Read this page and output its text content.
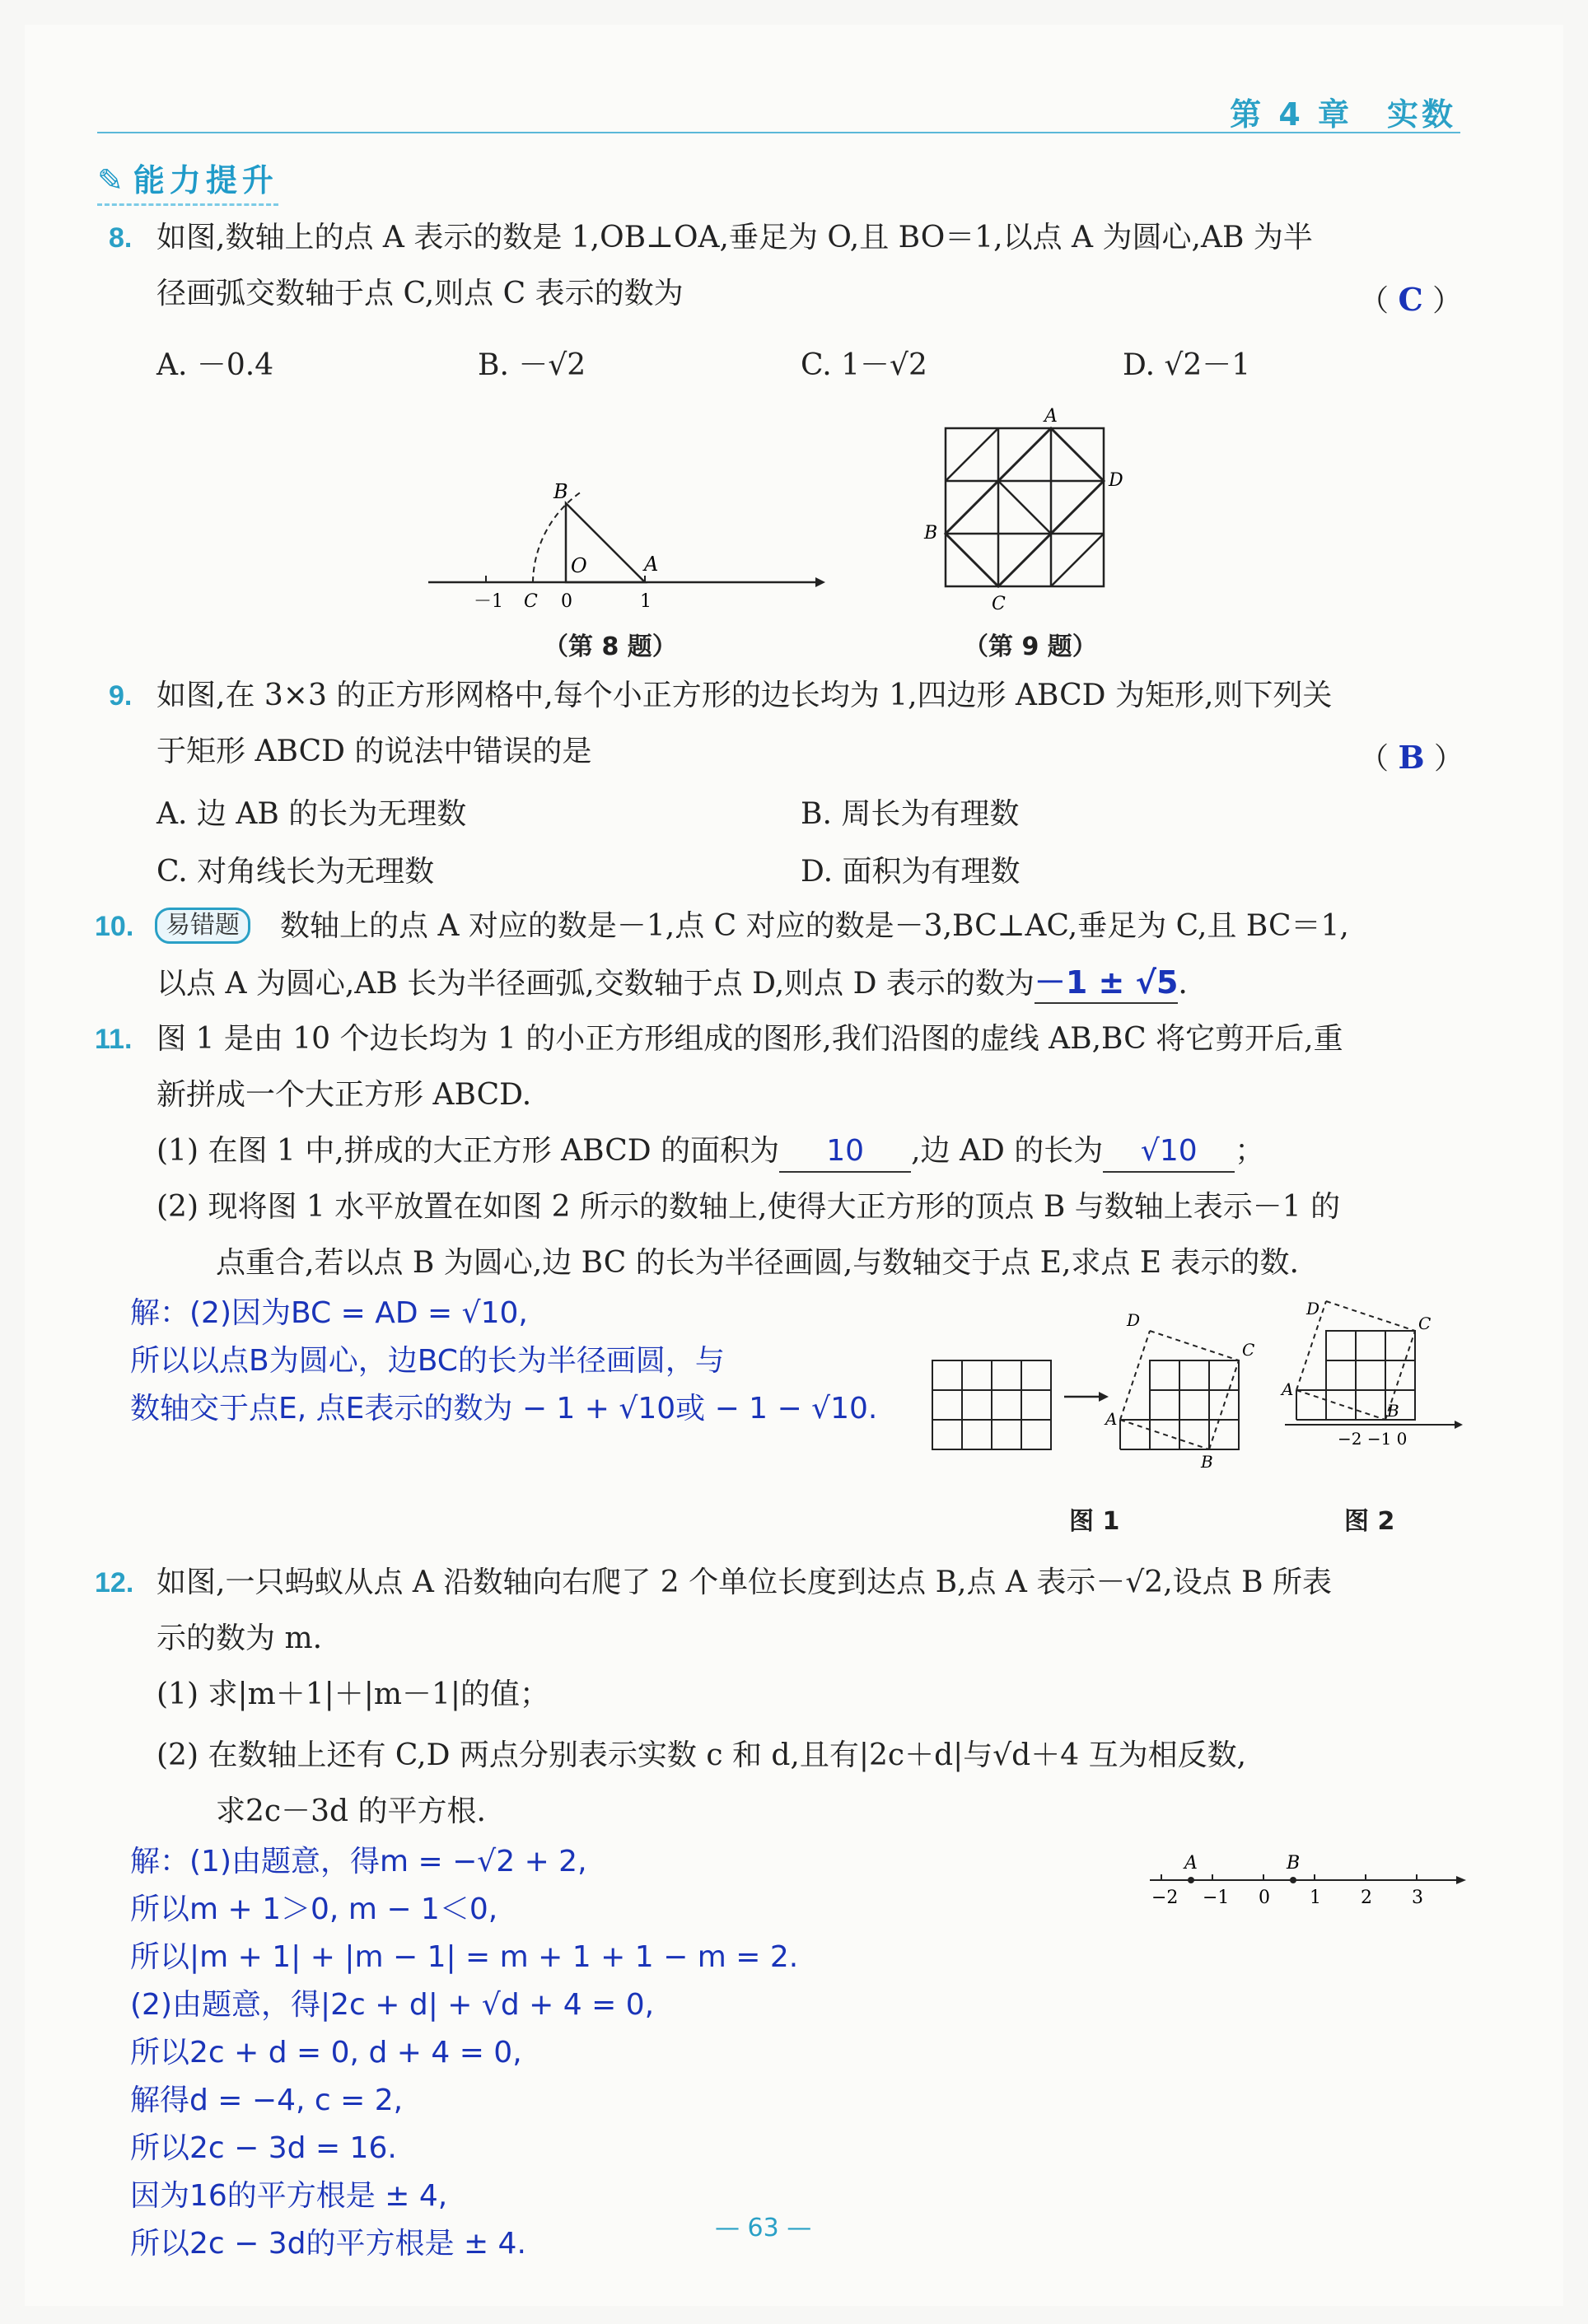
第 4 章　实数
✎ 能力提升
8. 如图,数轴上的点 A 表示的数是 1,OB⊥OA,垂足为 O,且 BO＝1,以点 A 为圆心,AB 为半
径画弧交数轴于点 C,则点 C 表示的数为	（ C ）
A. －0.4	B. －√2	C. 1－√2	D. √2－1
B
O	A
－1 C 0	1
（第 8 题）
A
D
B
C
（第 9 题）
9. 如图,在 3×3 的正方形网格中,每个小正方形的边长均为 1,四边形 ABCD 为矩形,则下列关
于矩形 ABCD 的说法中错误的是	（ B ）
A. 边 AB 的长为无理数	B. 周长为有理数
C. 对角线长为无理数	D. 面积为有理数
10.	易错题	数轴上的点 A 对应的数是－1,点 C 对应的数是－3,BC⊥AC,垂足为 C,且 BC＝1,
以点 A 为圆心,AB 长为半径画弧,交数轴于点 D,则点 D 表示的数为－1 ± √5.
11. 图 1 是由 10 个边长均为 1 的小正方形组成的图形,我们沿图的虚线 AB,BC 将它剪开后,重
新拼成一个大正方形 ABCD.
(1) 在图 1 中,拼成的大正方形 ABCD 的面积为 10 ,边 AD 的长为 √10 ；
(2) 现将图 1 水平放置在如图 2 所示的数轴上,使得大正方形的顶点 B 与数轴上表示－1 的
点重合,若以点 B 为圆心,边 BC 的长为半径画圆,与数轴交于点 E,求点 E 表示的数.
解：(2)因为BC = AD = √10,
所以以点B为圆心，边BC的长为半径画圆，与
数轴交于点E, 点E表示的数为 − 1 + √10或 − 1 − √10.
D
C
A
B
D
C
A
B
−2 −1 0
图 1	图 2
12. 如图,一只蚂蚁从点 A 沿数轴向右爬了 2 个单位长度到达点 B,点 A 表示－√2,设点 B 所表
示的数为 m.
(1) 求|m＋1|＋|m－1|的值；
(2) 在数轴上还有 C,D 两点分别表示实数 c 和 d,且有|2c＋d|与√d＋4 互为相反数,
求2c－3d 的平方根.
A	B
−2 −1 0 1 2 3
解：(1)由题意，得m = −√2 + 2,
所以m + 1＞0, m − 1＜0,
所以|m + 1| + |m − 1| = m + 1 + 1 − m = 2.
(2)由题意，得|2c + d| + √d + 4 = 0,
所以2c + d = 0, d + 4 = 0,
解得d = −4, c = 2,
所以2c − 3d = 16.
因为16的平方根是 ± 4,
所以2c − 3d的平方根是 ± 4.	— 63 —
